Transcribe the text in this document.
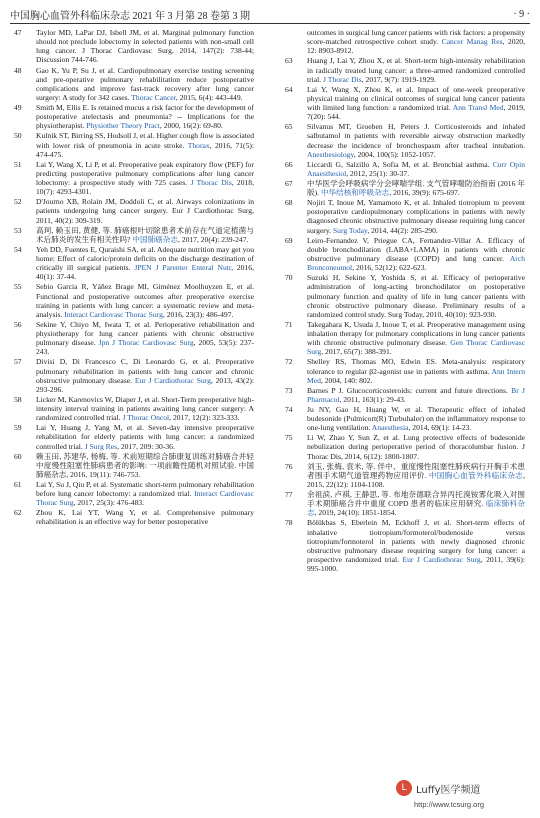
中国胸心血管外科临床杂志 2021 年 3 月第 28 卷第 3 期	· 9 ·
47	Taylor MD, LaPar DJ, Isbell JM, et al. Marginal pulmonary function should not preclude lobectomy in selected patients with non-small cell lung cancer. J Thorac Cardiovasc Surg, 2014, 147(2): 738-44; Discussion 744-746.
48	Gao K, Yu P, Su J, et al. Cardiopulmonary exercise testing screening and pre-operative pulmonary rehabilitation reduce postoperative complications and improve fast-track recovery after lung cancer surgery: A study for 342 cases. Thorac Cancer, 2015, 6(4): 443-449.
49	Smith M, Ellis E. Is retained mucus a risk factor for the development of postoperative atelectasis and pneumonia? -- Implications for the physiotherapist. Physiother Theory Pract, 2000, 16(2): 69-80.
50	Kulnik ST, Birring SS, Hodsoll J, et al. Higher cough flow is associated with lower risk of pneumonia in acute stroke. Thorax, 2016, 71(5): 474-475.
51	Lai Y, Wang X, Li P, et al. Preoperative peak expiratory flow (PEF) for predicting postoperative pulmonary complications after lung cancer lobectomy: a prospective study with 725 cases. J Thorac Dis, 2018, 10(7): 4293-4301.
52	D'Journo XB, Rolain JM, Doddoli C, et al. Airways colonizations in patients undergoing lung cancer surgery. Eur J Cardiothorac Surg, 2011, 40(2): 309-319.
53	高珂, 赖玉田, 黄健, 等. 肺癌根叶切除患者术前存在气道定植菌与术后肺炎的发生有相关性吗? 中国肺癌杂志, 2017, 20(4): 239-247.
54	Yeh DD, Fuentes E, Quraishi SA, et al. Adequate nutrition may get you home: Effect of caloric/protein deficits on the discharge destination of critically ill surgical patients. JPEN J Parenter Enteral Nutr, 2016, 40(1): 37-44.
55	Sebio Garcia R, Yáñez Brage MI, Giménez Moolhuyzen E, et al. Functional and postoperative outcomes after preoperative exercise training in patients with lung cancer: a systematic review and meta-analysis. Interact Cardiovasc Thorac Surg, 2016, 23(3): 486-497.
56	Sekine Y, Chiyo M, Iwata T, et al. Perioperative rehabilitation and physiotherapy for lung cancer patients with chronic obstructive pulmonary disease. Jpn J Thorac Cardiovasc Surg, 2005, 53(5): 237-243.
57	Divisi D, Di Francesco C, Di Leonardo G, et al. Preoperative pulmonary rehabilitation in patients with lung cancer and chronic obstructive pulmonary disease. Eur J Cardiothorac Surg, 2013, 43(2): 293-296.
58	Licker M, Karenovics W, Diaper J, et al. Short-Term preoperative high-intensity interval training in patients awaiting lung cancer surgery: A randomized controlled trial. J Thorac Oncol, 2017, 12(2): 323-333.
59	Lai Y, Huang J, Yang M, et al. Seven-day intensive preoperative rehabilitation for elderly patients with lung cancer: a randomized controlled trial. J Surg Res, 2017, 209: 30-36.
60	赖玉田, 苏建华, 杨梅, 等. 术前短期综合肺康复训练对肺癌合并轻中度慢性阻塞性肺病患者的影响: 一项前瞻性随机对照试验. 中国肺癌杂志, 2016, 19(11): 746-753.
61	Lai Y, Su J, Qiu P, et al. Systematic short-term pulmonary rehabilitation before lung cancer lobectomy: a randomized trial. Interact Cardiovasc Thorac Surg, 2017, 25(3): 476-483.
62	Zhou K, Lai YT, Wang Y, et al. Comprehensive pulmonary rehabilitation is an effective way for better postoperative
outcomes in surgical lung cancer patients with risk factors: a propensity score-matched retrospective cohort study. Cancer Manag Res, 2020, 12: 8903-8912.
63	Huang J, Lai Y, Zhou X, et al. Short-term high-intensity rehabilitation in radically treated lung cancer: a three-armed randomized controlled trial. J Thorac Dis, 2017, 9(7): 1919-1929.
64	Lai Y, Wang X, Zhou K, et al. Impact of one-week preoperative physical training on clinical outcomes of surgical lung cancer patients with limited lung function: a randomized trial. Ann Transl Med, 2019, 7(20): 544.
65	Silvanus MT, Groeben H, Peters J. Corticosteroids and inhaled salbutamol in patients with reversible airway obstruction markedly decrease the incidence of bronchospasm after tracheal intubation. Anesthesiology, 2004, 100(5): 1052-1057.
66	Liccardi G, Salzillo A, Sofia M, et al. Bronchial asthma. Curr Opin Anaesthesiol, 2012, 25(1): 30-37.
67	中华医学会呼吸病学分会哮喘学组. 支气管哮喘防治指南 (2016 年版). 中华结核和呼吸杂志, 2016, 39(9): 675-697.
68	Nojiri T, Inoue M, Yamamoto K, et al. Inhaled tiotropium to prevent postoperative cardiopulmonary complications in patients with newly diagnosed chronic obstructive pulmonary disease requiring lung cancer surgery. Surg Today, 2014, 44(2): 285-290.
69	Leiro-Fernandez V, Priegue CA, Fernandez-Villar A. Efficacy of double bronchodilation (LABA+LAMA) in patients with chronic obstructive pulmonary disease (COPD) and lung cancer. Arch Bronconeumol, 2016, 52(12): 622-623.
70	Suzuki H, Sekine Y, Yoshida S, et al. Efficacy of perioperative administration of long-acting bronchodilator on postoperative pulmonary function and quality of life in lung cancer patients with chronic obstructive pulmonary disease. Preliminary results of a randomized control study. Surg Today, 2010, 40(10): 923-930.
71	Takegahara K, Usuda J, Inoue T, et al. Preoperative management using inhalation therapy for pulmonary complications in lung cancer patients with chronic obstructive pulmonary disease. Gen Thorac Cardiovasc Surg, 2017, 65(7): 388-391.
72	Shelley RS, Thomas MO, Edwin ES. Meta-analysis: respiratory tolerance to regular β2-agonist use in patients with asthma. Ann Intern Med, 2004, 140: 802.
73	Barnes P J. Glucocorticosteroids: current and future directions. Br J Pharmacol, 2011, 163(1): 29-43.
74	Ju NY, Gao H, Huang W, et al. Therapeutic effect of inhaled budesonide (Pulmicort(R) Turbuhaler) on the inflammatory response to one-lung ventilation. Anaesthesia, 2014, 69(1): 14-23.
75	Li W, Zhao Y, Sun Z, et al. Lung protective effects of budesonide nebulization during perioperative period of thoracolumbar fusion. J Thorac Dis, 2014, 6(12): 1800-1807.
76	刘玉, 张梅, 袁米, 等. 伴中、重度慢性阻塞性肺疾病行开胸手术患者围手术期气道管理药物应用评价. 中国胸心血管外科临床杂志, 2015, 22(12): 1104-1108.
77	余祖滨, 卢祺, 王静思, 等. 布地奈德联合异丙托溴铵雾化吸入对围手术期肺癌合并中重度 COPD 患者的临床应用研究. 临床肺科杂志, 2019, 24(10): 1851-1854.
78	Bölükbas S, Eberlein M, Eckhoff J, et al. Short-term effects of inhalative tiotropium/formoterol/budenoside versus tiotropium/formoterol in patients with newly diagnosed chronic obstructive pulmonary disease requiring surgery for lung cancer: a prospective randomized trial. Eur J Cardiothorac Surg, 2011, 39(6): 995-1000.
L Luffy医学频道
http://www.tcsurg.org
